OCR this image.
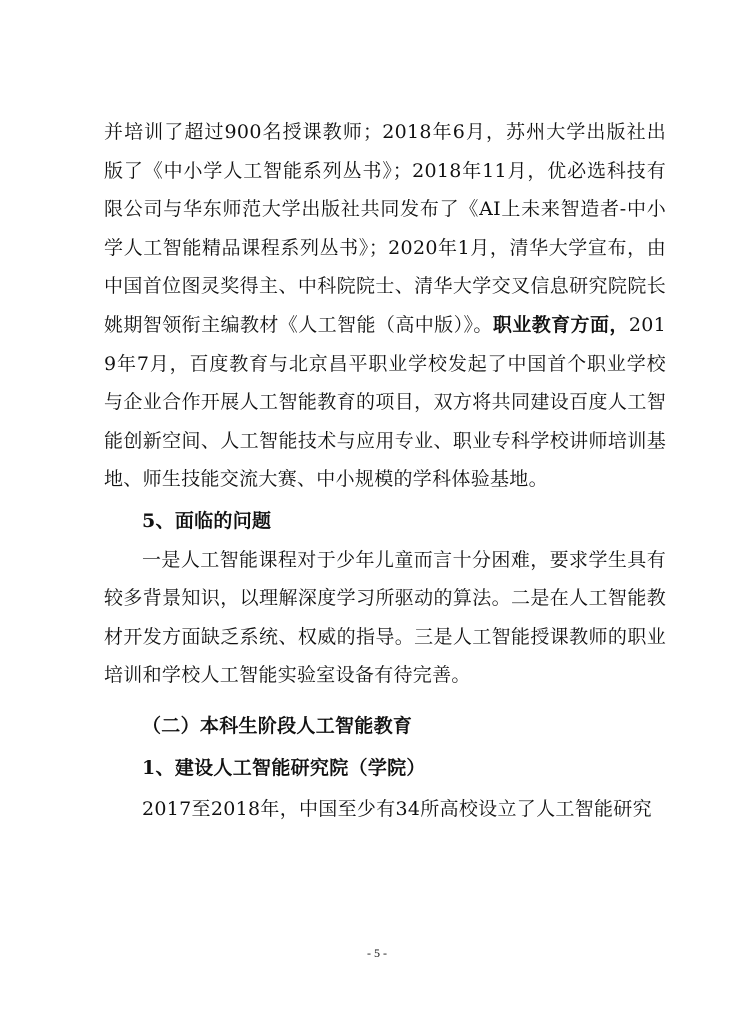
并培训了超过900名授课教师；2018年6月，苏州大学出版社出版了《中小学人工智能系列丛书》；2018年11月，优必选科技有限公司与华东师范大学出版社共同发布了《AI上未来智造者-中小学人工智能精品课程系列丛书》；2020年1月，清华大学宣布，由中国首位图灵奖得主、中科院院士、清华大学交叉信息研究院院长姚期智领衔主编教材《人工智能（高中版）》。职业教育方面，2019年7月，百度教育与北京昌平职业学校发起了中国首个职业学校与企业合作开展人工智能教育的项目，双方将共同建设百度人工智能创新空间、人工智能技术与应用专业、职业专科学校讲师培训基地、师生技能交流大赛、中小规模的学科体验基地。

5、面临的问题

一是人工智能课程对于少年儿童而言十分困难，要求学生具有较多背景知识，以理解深度学习所驱动的算法。二是在人工智能教材开发方面缺乏系统、权威的指导。三是人工智能授课教师的职业培训和学校人工智能实验室设备有待完善。

（二）本科生阶段人工智能教育
1、建设人工智能研究院（学院）

2017至2018年，中国至少有34所高校设立了人工智能研究

- 5 -
